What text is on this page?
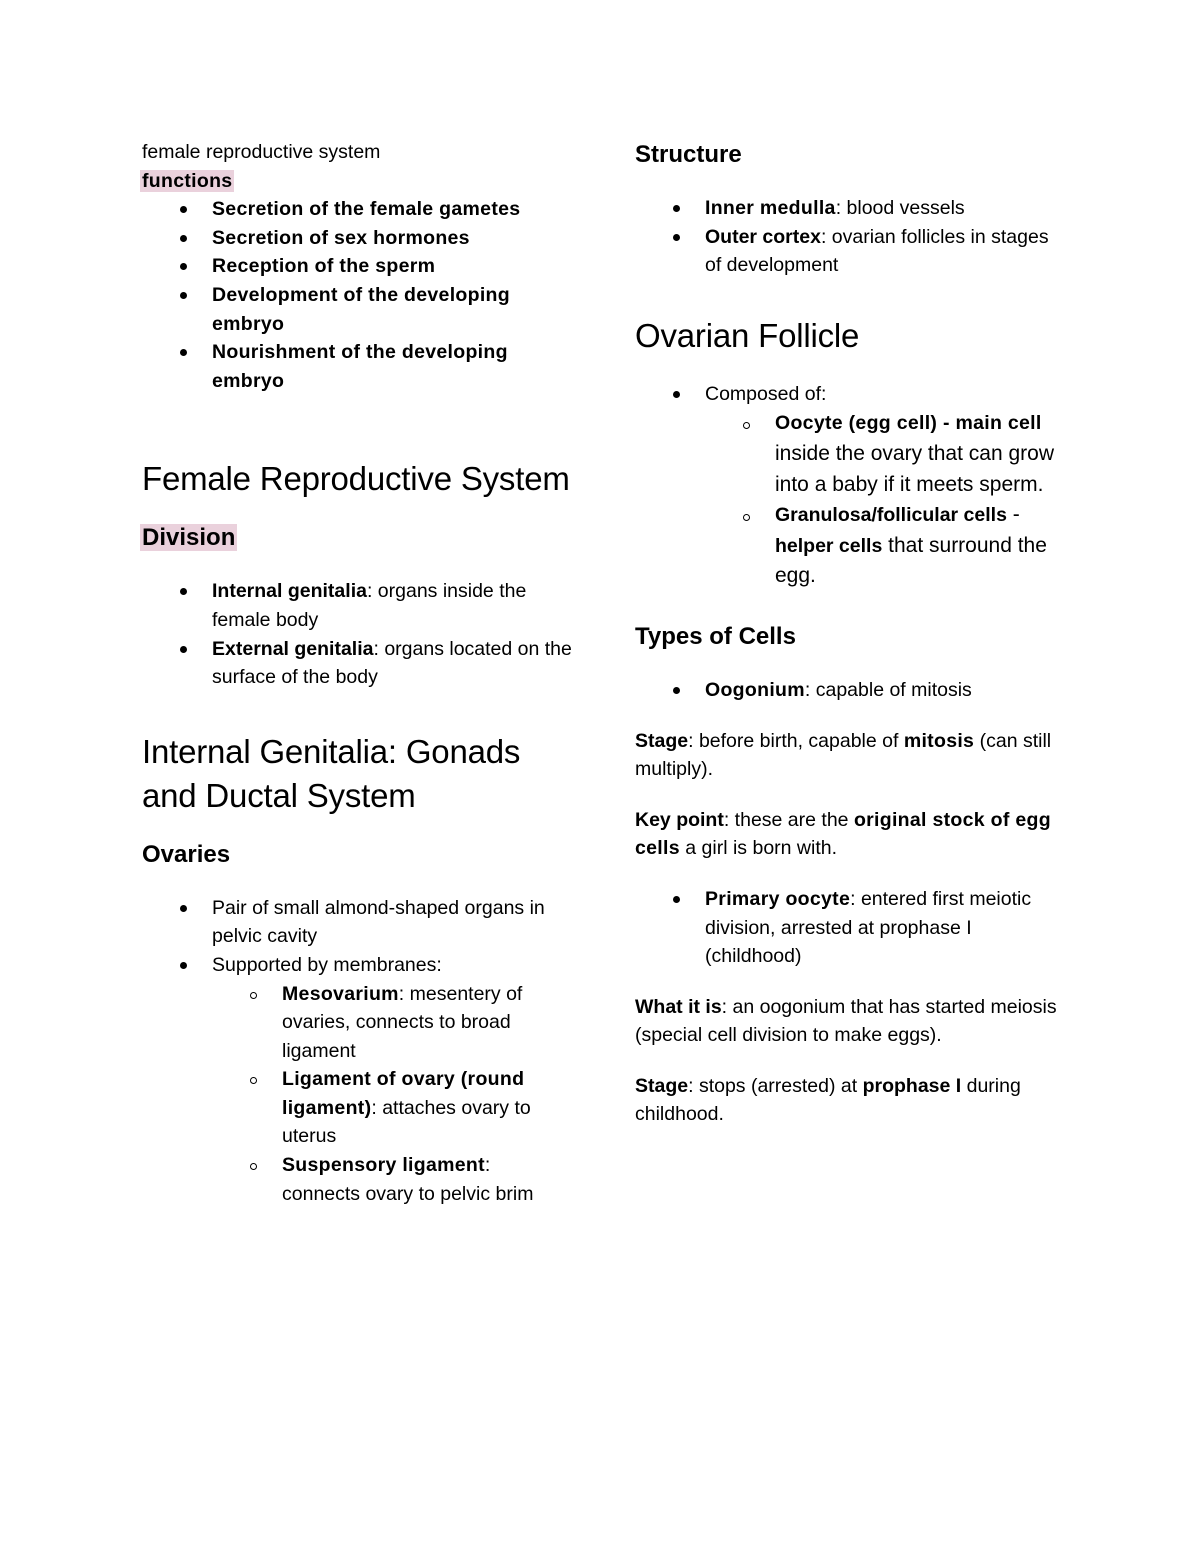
female reproductive system

functions

Secretion of the female gametes
Secretion of sex hormones
Reception of the sperm
Development of the developing embryo
Nourishment of the developing embryo
Female Reproductive System
Division
Internal genitalia: organs inside the female body
External genitalia: organs located on the surface of the body
Internal Genitalia: Gonads and Ductal System
Ovaries
Pair of small almond-shaped organs in pelvic cavity
Supported by membranes:
Mesovarium: mesentery of ovaries, connects to broad ligament
Ligament of ovary (round ligament): attaches ovary to uterus
Suspensory ligament: connects ovary to pelvic brim
Structure
Inner medulla: blood vessels
Outer cortex: ovarian follicles in stages of development
Ovarian Follicle
Composed of:
Oocyte (egg cell) - main cell inside the ovary that can grow into a baby if it meets sperm.
Granulosa/follicular cells - helper cells that surround the egg.
Types of Cells
Oogonium: capable of mitosis

Stage: before birth, capable of mitosis (can still multiply).

Key point: these are the original stock of egg cells a girl is born with.

Primary oocyte: entered first meiotic division, arrested at prophase I (childhood)

What it is: an oogonium that has started meiosis (special cell division to make eggs).

Stage: stops (arrested) at prophase I during childhood.
